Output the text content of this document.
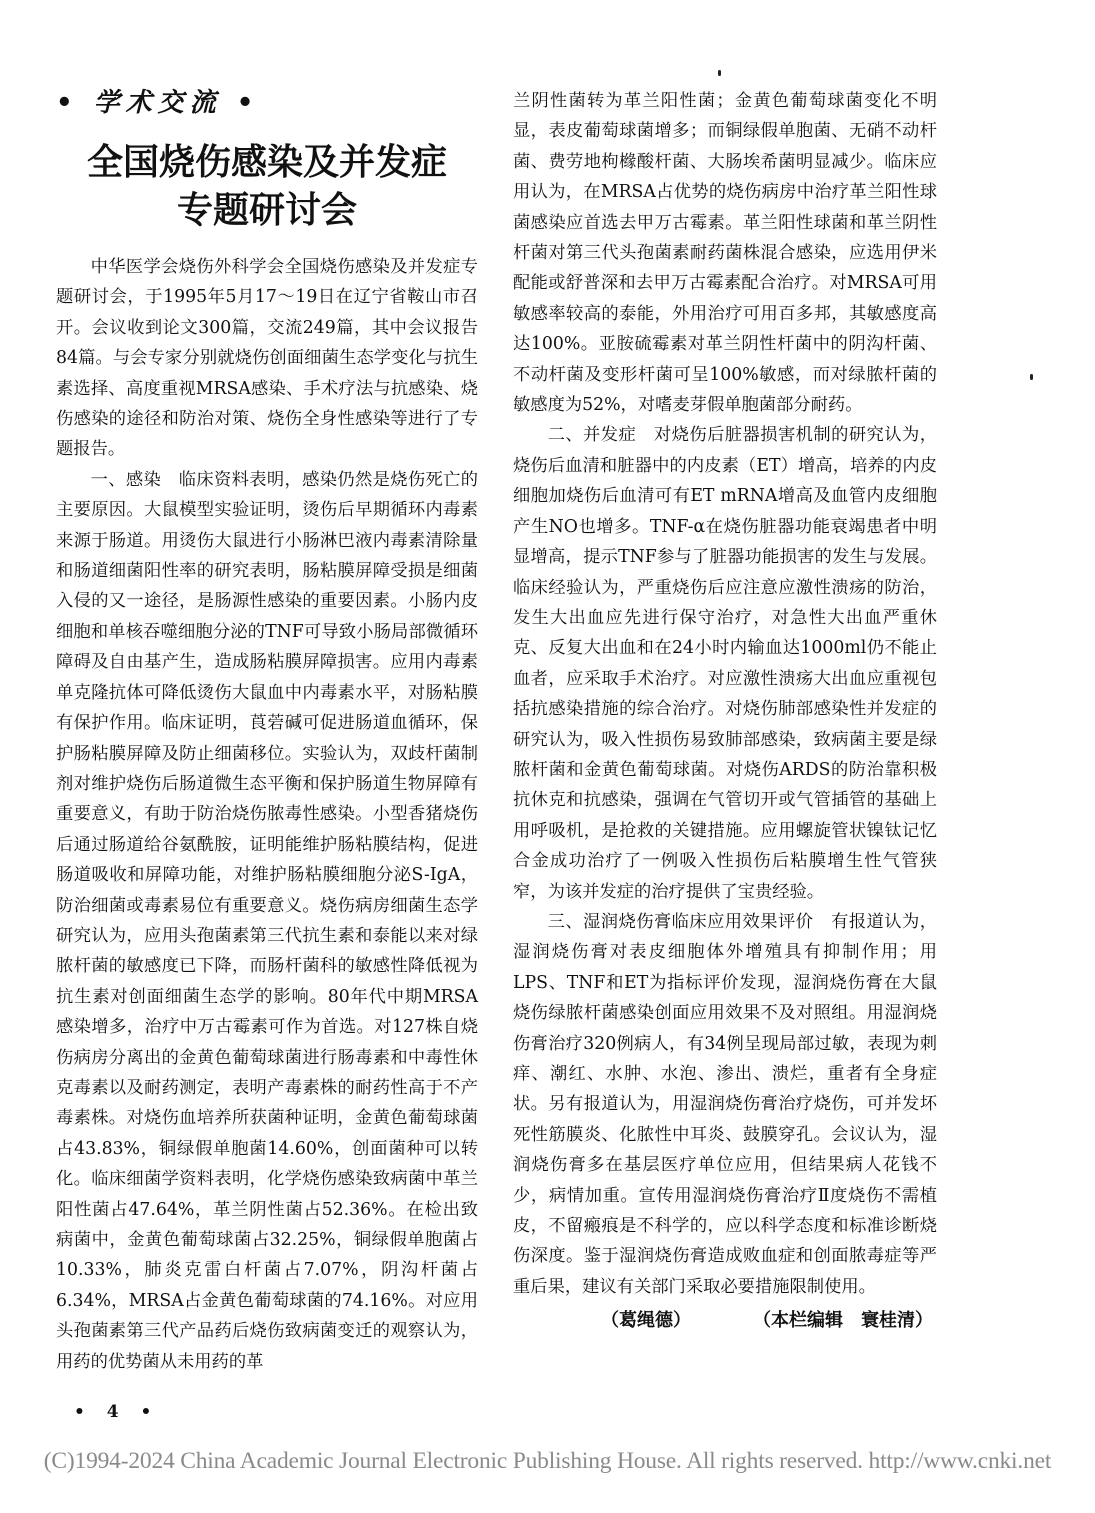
• 学术交流 •
全国烧伤感染及并发症
专题研讨会

中华医学会烧伤外科学会全国烧伤感染及并发症专题研讨会，于1995年5月17～19日在辽宁省鞍山市召开。会议收到论文300篇，交流249篇，其中会议报告84篇。与会专家分别就烧伤创面细菌生态学变化与抗生素选择、高度重视MRSA感染、手术疗法与抗感染、烧伤感染的途径和防治对策、烧伤全身性感染等进行了专题报告。

一、感染　临床资料表明，感染仍然是烧伤死亡的主要原因。大鼠模型实验证明，烫伤后早期循环内毒素来源于肠道。用烫伤大鼠进行小肠淋巴液内毒素清除量和肠道细菌阳性率的研究表明，肠粘膜屏障受损是细菌入侵的又一途径，是肠源性感染的重要因素。小肠内皮细胞和单核吞噬细胞分泌的TNF可导致小肠局部微循环障碍及自由基产生，造成肠粘膜屏障损害。应用内毒素单克隆抗体可降低烫伤大鼠血中内毒素水平，对肠粘膜有保护作用。临床证明，莨菪碱可促进肠道血循环，保护肠粘膜屏障及防止细菌移位。实验认为，双歧杆菌制剂对维护烧伤后肠道微生态平衡和保护肠道生物屏障有重要意义，有助于防治烧伤脓毒性感染。小型香猪烧伤后通过肠道给谷氨酰胺，证明能维护肠粘膜结构，促进肠道吸收和屏障功能，对维护肠粘膜细胞分泌S-IgA，防治细菌或毒素易位有重要意义。烧伤病房细菌生态学研究认为，应用头孢菌素第三代抗生素和泰能以来对绿脓杆菌的敏感度已下降，而肠杆菌科的敏感性降低视为抗生素对创面细菌生态学的影响。80年代中期MRSA感染增多，治疗中万古霉素可作为首选。对127株自烧伤病房分离出的金黄色葡萄球菌进行肠毒素和中毒性休克毒素以及耐药测定，表明产毒素株的耐药性高于不产毒素株。对烧伤血培养所获菌种证明，金黄色葡萄球菌占43.83%，铜绿假单胞菌14.60%，创面菌种可以转化。临床细菌学资料表明，化学烧伤感染致病菌中革兰阳性菌占47.64%，革兰阴性菌占52.36%。在检出致病菌中，金黄色葡萄球菌占32.25%，铜绿假单胞菌占10.33%，肺炎克雷白杆菌占7.07%，阴沟杆菌占6.34%，MRSA占金黄色葡萄球菌的74.16%。对应用头孢菌素第三代产品药后烧伤致病菌变迁的观察认为，用药的优势菌从未用药的革

兰阴性菌转为革兰阳性菌；金黄色葡萄球菌变化不明显，表皮葡萄球菌增多；而铜绿假单胞菌、无硝不动杆菌、费劳地枸橼酸杆菌、大肠埃希菌明显减少。临床应用认为，在MRSA占优势的烧伤病房中治疗革兰阳性球菌感染应首选去甲万古霉素。革兰阳性球菌和革兰阴性杆菌对第三代头孢菌素耐药菌株混合感染，应选用伊米配能或舒普深和去甲万古霉素配合治疗。对MRSA可用敏感率较高的泰能，外用治疗可用百多邦，其敏感度高达100%。亚胺硫霉素对革兰阴性杆菌中的阴沟杆菌、不动杆菌及变形杆菌可呈100%敏感，而对绿脓杆菌的敏感度为52%，对嗜麦芽假单胞菌部分耐药。

二、并发症　对烧伤后脏器损害机制的研究认为，烧伤后血清和脏器中的内皮素（ET）增高，培养的内皮细胞加烧伤后血清可有ET mRNA增高及血管内皮细胞产生NO也增多。TNF-α在烧伤脏器功能衰竭患者中明显增高，提示TNF参与了脏器功能损害的发生与发展。临床经验认为，严重烧伤后应注意应激性溃疡的防治，发生大出血应先进行保守治疗，对急性大出血严重休克、反复大出血和在24小时内输血达1000ml仍不能止血者，应采取手术治疗。对应激性溃疡大出血应重视包括抗感染措施的综合治疗。对烧伤肺部感染性并发症的研究认为，吸入性损伤易致肺部感染，致病菌主要是绿脓杆菌和金黄色葡萄球菌。对烧伤ARDS的防治靠积极抗休克和抗感染，强调在气管切开或气管插管的基础上用呼吸机，是抢救的关键措施。应用螺旋管状镍钛记忆合金成功治疗了一例吸入性损伤后粘膜增生性气管狭窄，为该并发症的治疗提供了宝贵经验。

三、湿润烧伤膏临床应用效果评价　有报道认为，湿润烧伤膏对表皮细胞体外增殖具有抑制作用；用LPS、TNF和ET为指标评价发现，湿润烧伤膏在大鼠烧伤绿脓杆菌感染创面应用效果不及对照组。用湿润烧伤膏治疗320例病人，有34例呈现局部过敏，表现为刺痒、潮红、水肿、水泡、渗出、溃烂，重者有全身症状。另有报道认为，用湿润烧伤膏治疗烧伤，可并发坏死性筋膜炎、化脓性中耳炎、鼓膜穿孔。会议认为，湿润烧伤膏多在基层医疗单位应用，但结果病人花钱不少，病情加重。宣传用湿润烧伤膏治疗Ⅱ度烧伤不需植皮，不留瘢痕是不科学的，应以科学态度和标准诊断烧伤深度。鉴于湿润烧伤膏造成败血症和创面脓毒症等严重后果，建议有关部门采取必要措施限制使用。

（葛绳德）	（本栏编辑　寰桂清）
• 4 •
(C)1994-2024 China Academic Journal Electronic Publishing House. All rights reserved. http://www.cnki.net
